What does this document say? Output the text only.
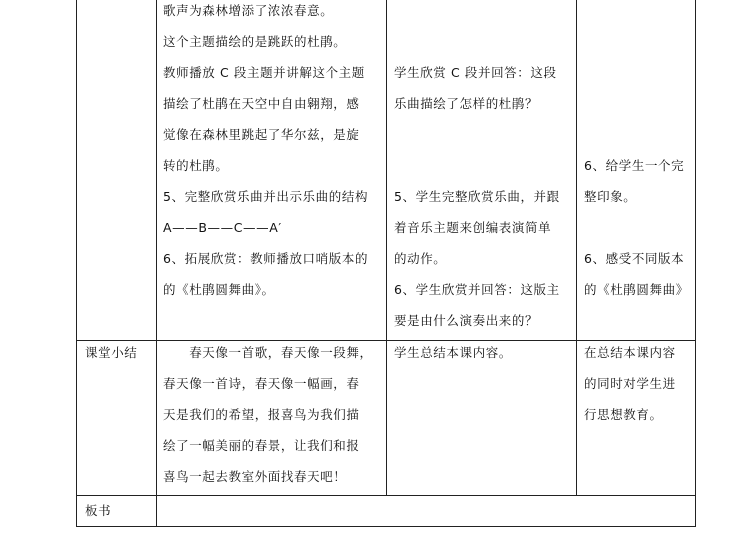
歌声为森林增添了浓浓春意。
这个主题描绘的是跳跃的杜鹃。
教师播放 C 段主题并讲解这个主题
描绘了杜鹃在天空中自由翱翔，感
觉像在森林里跳起了华尔兹，是旋
转的杜鹃。
5、完整欣赏乐曲并出示乐曲的结构
A——B——C——A′
6、拓展欣赏：教师播放口哨版本的
的《杜鹃圆舞曲》。
学生欣赏 C 段并回答：这段
乐曲描绘了怎样的杜鹃？
5、学生完整欣赏乐曲，并跟
着音乐主题来创编表演简单
的动作。
6、学生欣赏并回答：这版主
要是由什么演奏出来的？
6、给学生一个完
整印象。
6、感受不同版本
的《杜鹃圆舞曲》
课堂小结 　　春天像一首歌，春天像一段舞，
春天像一首诗，春天像一幅画，春
天是我们的希望，报喜鸟为我们描
绘了一幅美丽的春景，让我们和报
喜鸟一起去教室外面找春天吧！
学生总结本课内容。	在总结本课内容
的同时对学生进
行思想教育。
板书
